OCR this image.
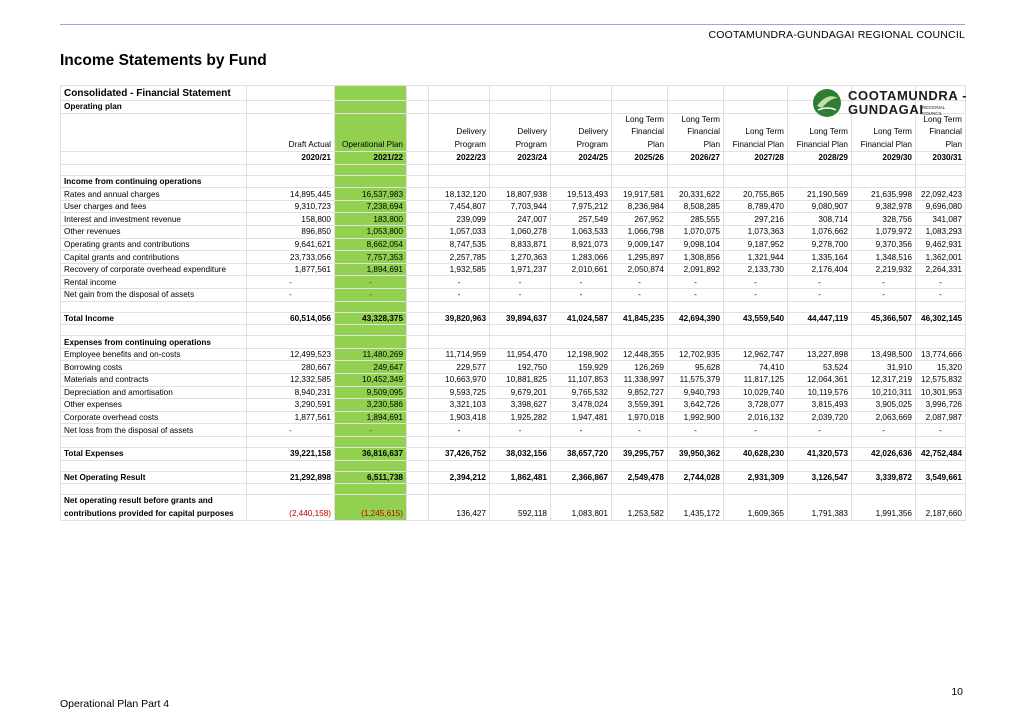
COOTAMUNDRA-GUNDAGAI REGIONAL COUNCIL
Income Statements by Fund
Consolidated - Financial Statement												
Operating plan												
	Draft Actual	Operational Plan		Delivery Program	Delivery Program	Delivery Program	Long Term Financial Plan	Long Term Financial Plan	Long Term Financial Plan	Long Term Financial Plan	Long Term Financial Plan	Long Term Financial Plan
	2020/21	2021/22		2022/23	2023/24	2024/25	2025/26	2026/27	2027/28	2028/29	2029/30	2030/31

Income from continuing operations												
Rates and annual charges	14,895,445	16,537,983		18,132,120	18,807,938	19,513,493	19,917,581	20,331,622	20,755,865	21,190,569	21,635,998	22,092,423
User charges and fees	9,310,723	7,238,694		7,454,807	7,703,944	7,975,212	8,236,984	8,508,285	8,789,470	9,080,907	9,382,978	9,696,080
Interest and investment revenue	158,800	183,800		239,099	247,007	257,549	267,952	285,555	297,216	308,714	328,756	341,087
Other revenues	896,850	1,053,800		1,057,033	1,060,278	1,063,533	1,066,798	1,070,075	1,073,363	1,076,662	1,079,972	1,083,293
Operating grants and contributions	9,641,621	8,662,054		8,747,535	8,833,871	8,921,073	9,009,147	9,098,104	9,187,952	9,278,700	9,370,356	9,462,931
Capital grants and contributions	23,733,056	7,757,353		2,257,785	1,270,363	1,283,066	1,295,897	1,308,856	1,321,944	1,335,164	1,348,516	1,362,001
Recovery of corporate overhead expenditure	1,877,561	1,894,691		1,932,585	1,971,237	2,010,661	2,050,874	2,091,892	2,133,730	2,176,404	2,219,932	2,264,331
Rental income	-	-		-	-	-	-	-	-	-	-	-
Net gain from the disposal of assets	-	-		-	-	-	-	-	-	-	-	-

Total Income	60,514,056	43,328,375		39,820,963	39,894,637	41,024,587	41,845,235	42,694,390	43,559,540	44,447,119	45,366,507	46,302,145

Expenses from continuing operations												
Employee benefits and on-costs	12,499,523	11,480,269		11,714,959	11,954,470	12,198,902	12,448,355	12,702,935	12,962,747	13,227,898	13,498,500	13,774,666
Borrowing costs	280,667	249,647		229,577	192,750	159,929	126,269	95,628	74,410	53,524	31,910	15,320
Materials and contracts	12,332,585	10,452,349		10,663,970	10,881,825	11,107,853	11,338,997	11,575,379	11,817,125	12,064,361	12,317,219	12,575,832
Depreciation and amortisation	8,940,231	9,509,095		9,593,725	9,679,201	9,765,532	9,852,727	9,940,793	10,029,740	10,119,576	10,210,311	10,301,953
Other expenses	3,290,591	3,230,586		3,321,103	3,398,627	3,478,024	3,559,391	3,642,726	3,728,077	3,815,493	3,905,025	3,996,726
Corporate overhead costs	1,877,561	1,894,691		1,903,418	1,925,282	1,947,481	1,970,018	1,992,900	2,016,132	2,039,720	2,063,669	2,087,987
Net loss from the disposal of assets	-	-		-	-	-	-	-	-	-	-	-

Total Expenses	39,221,158	36,816,637		37,426,752	38,032,156	38,657,720	39,295,757	39,950,362	40,628,230	41,320,573	42,026,636	42,752,484

Net Operating Result	21,292,898	6,511,738		2,394,212	1,862,481	2,366,867	2,549,478	2,744,028	2,931,309	3,126,547	3,339,872	3,549,661

Net operating result before grants and
contributions provided for capital purposes	(2,440,158)	(1,245,615)		136,427	592,118	1,083,801	1,253,582	1,435,172	1,609,365	1,791,383	1,991,356	2,187,660
COOTAMUNDRA -
GUNDAGAI
REGIONAL
COUNCIL
10
Operational Plan Part 4
